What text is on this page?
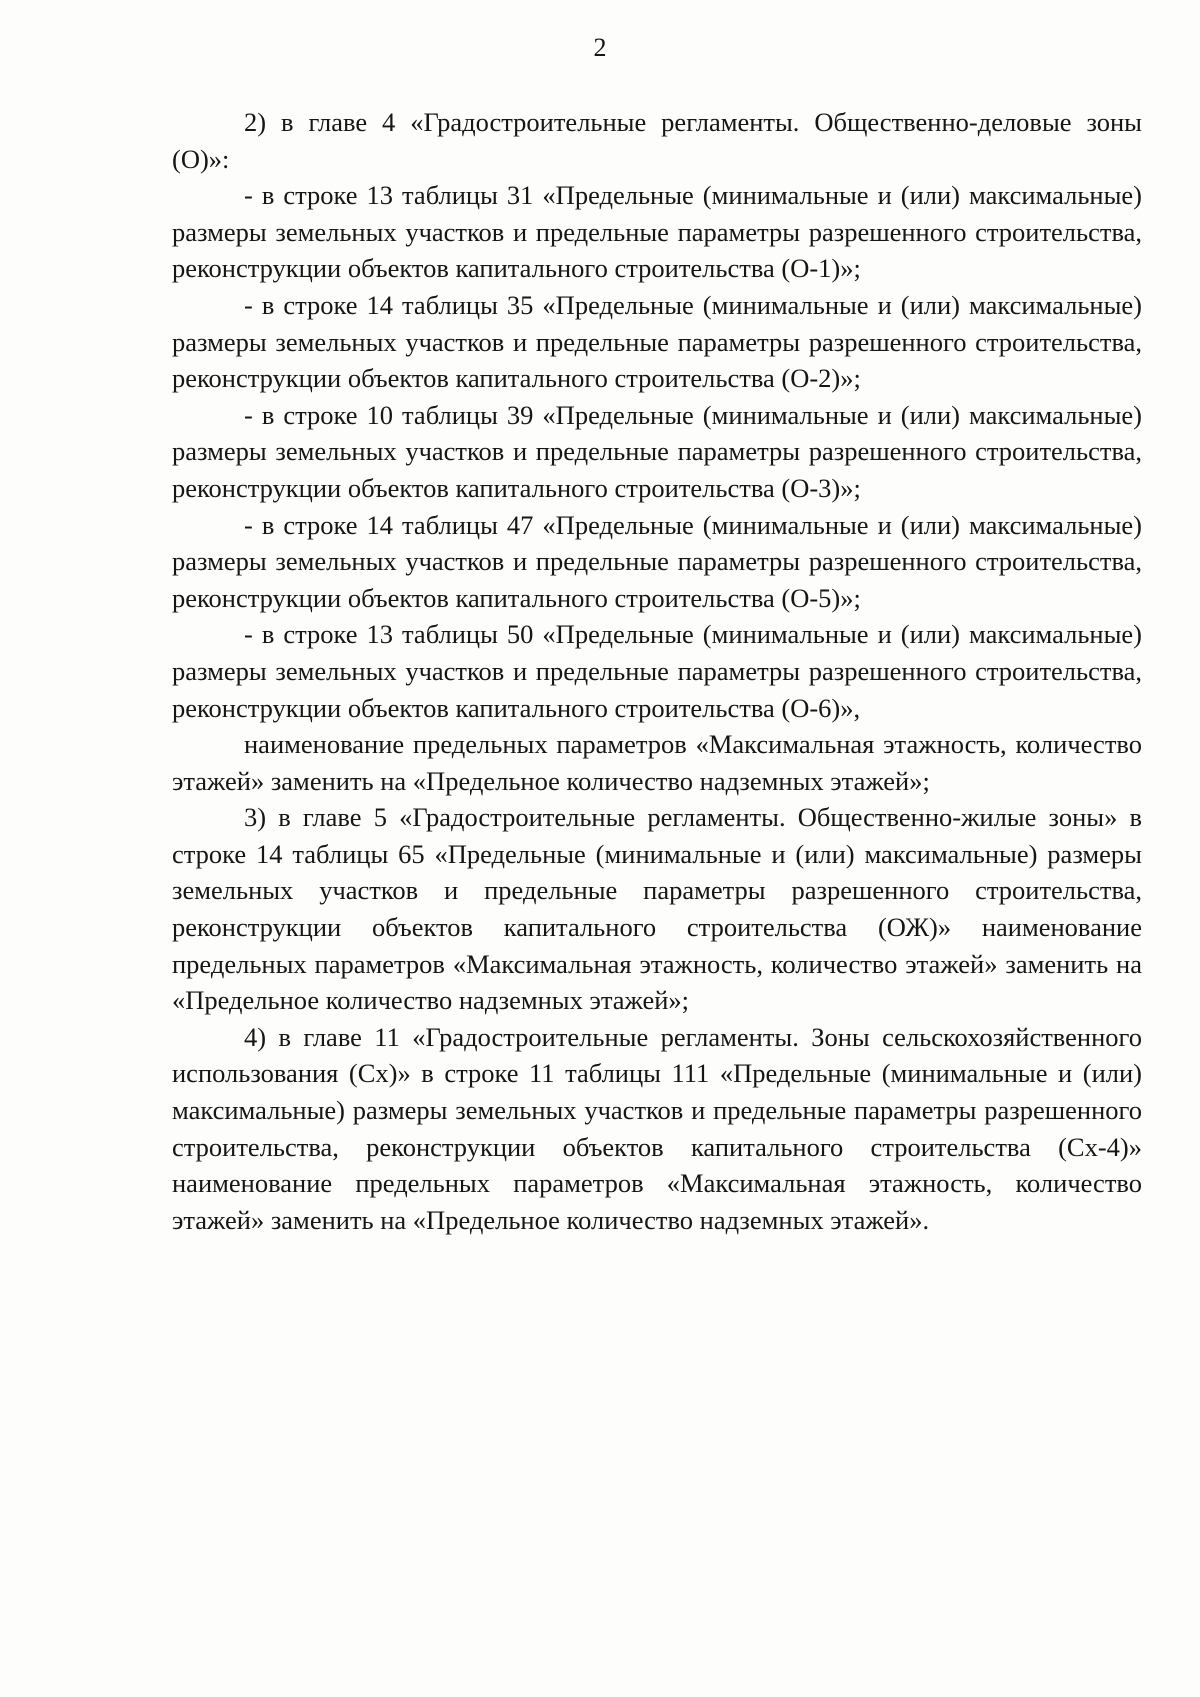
2

2) в главе 4 «Градостроительные регламенты. Общественно-деловые зоны (О)»:

- в строке 13 таблицы 31 «Предельные (минимальные и (или) максимальные) размеры земельных участков и предельные параметры разрешенного строительства, реконструкции объектов капитального строительства (О-1)»;

- в строке 14 таблицы 35 «Предельные (минимальные и (или) максимальные) размеры земельных участков и предельные параметры разрешенного строительства, реконструкции объектов капитального строительства (О-2)»;

- в строке 10 таблицы 39 «Предельные (минимальные и (или) максимальные) размеры земельных участков и предельные параметры разрешенного строительства, реконструкции объектов капитального строительства (О-3)»;

- в строке 14 таблицы 47 «Предельные (минимальные и (или) максимальные) размеры земельных участков и предельные параметры разрешенного строительства, реконструкции объектов капитального строительства (О-5)»;

- в строке 13 таблицы 50 «Предельные (минимальные и (или) максимальные) размеры земельных участков и предельные параметры разрешенного строительства, реконструкции объектов капитального строительства (О-6)»,

наименование предельных параметров «Максимальная этажность, количество этажей» заменить на «Предельное количество надземных этажей»;

3) в главе 5 «Градостроительные регламенты. Общественно-жилые зоны» в строке 14 таблицы 65 «Предельные (минимальные и (или) максимальные) размеры земельных участков и предельные параметры разрешенного строительства, реконструкции объектов капитального строительства (ОЖ)» наименование предельных параметров «Максимальная этажность, количество этажей» заменить на «Предельное количество надземных этажей»;

4) в главе 11 «Градостроительные регламенты. Зоны сельскохозяйственного использования (Сх)» в строке 11 таблицы 111 «Предельные (минимальные и (или) максимальные) размеры земельных участков и предельные параметры разрешенного строительства, реконструкции объектов капитального строительства (Сх-4)» наименование предельных параметров «Максимальная этажность, количество этажей» заменить на «Предельное количество надземных этажей».
